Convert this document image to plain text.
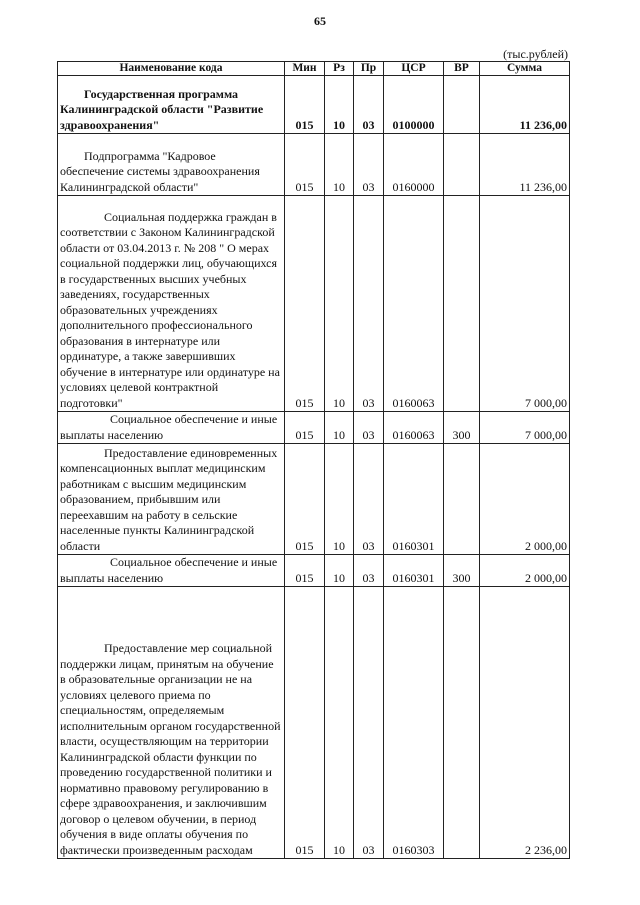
65
(тыс.рублей)
Наименование кода	Мин	Рз	Пр	ЦСР	ВР	Сумма
Государственная программа Калининградской области "Развитие здравоохранения"	015	10	03	0100000		11 236,00
Подпрограмма "Кадровое обеспечение системы здравоохранения Калининградской области"	015	10	03	0160000		11 236,00
Социальная поддержка граждан в соответствии с Законом Калининградской области от 03.04.2013 г. № 208 " О мерах социальной поддержки лиц, обучающихся в государственных высших учебных заведениях, государственных образовательных учреждениях дополнительного профессионального образования в интернатуре или ординатуре, а также завершивших обучение в интернатуре или ординатуре на условиях целевой контрактной подготовки"	015	10	03	0160063		7 000,00
Социальное обеспечение и иные выплаты населению	015	10	03	0160063	300	7 000,00
Предоставление единовременных компенсационных выплат медицинским работникам с высшим медицинским образованием, прибывшим или переехавшим на работу в сельские населенные пункты Калининградской области	015	10	03	0160301		2 000,00
Социальное обеспечение и иные выплаты населению	015	10	03	0160301	300	2 000,00
Предоставление мер социальной поддержки лицам, принятым на обучение в образовательные организации не на условиях целевого приема по специальностям, определяемым исполнительным органом государственной власти, осуществляющим на территории Калининградской области функции по проведению государственной политики и нормативно правовому регулированию в сфере здравоохранения, и заключившим договор о целевом обучении, в период обучения в виде оплаты обучения по фактически произведенным расходам	015	10	03	0160303		2 236,00
